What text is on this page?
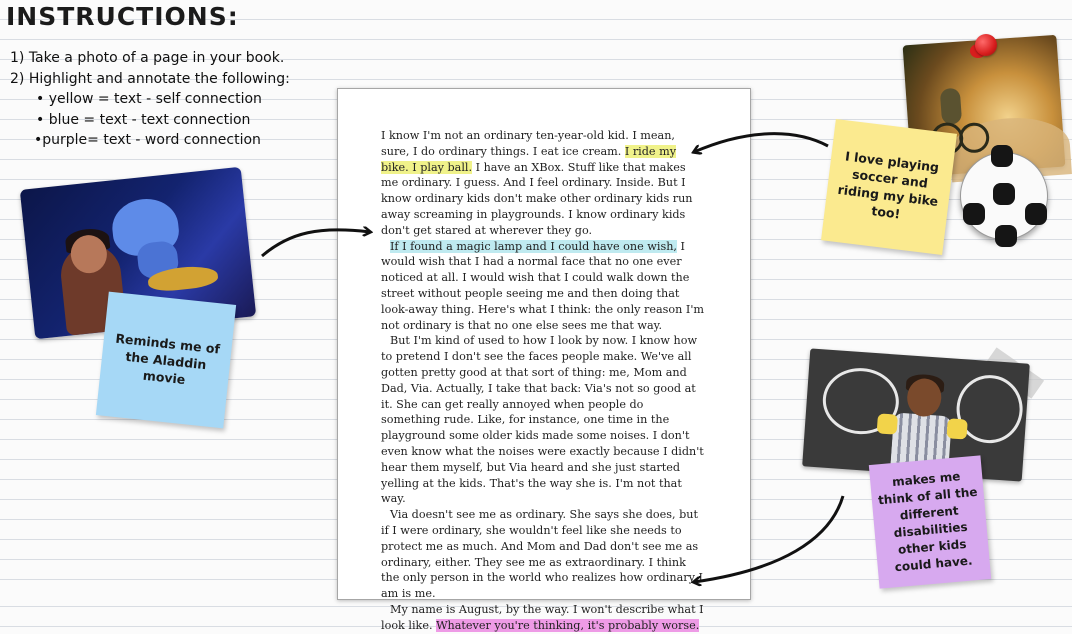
INSTRUCTIONS:
1) Take a photo of a page in your book.
2) Highlight and annotate the following:
• yellow = text - self connection
• blue = text - text connection
•purple= text - word connection	I know I'm not an ordinary ten-year-old kid. I mean, sure, I do ordinary things. I eat ice cream. I ride my bike. I play ball. I have an XBox. Stuff like that makes me ordinary. I guess. And I feel ordinary. Inside. But I know ordinary kids don't make other ordinary kids run away screaming in playgrounds. I know ordinary kids don't get stared at wherever they go.

If I found a magic lamp and I could have one wish, I would wish that I had a normal face that no one ever noticed at all. I would wish that I could walk down the street without people seeing me and then doing that look-away thing. Here's what I think: the only reason I'm not ordinary is that no one else sees me that way.

But I'm kind of used to how I look by now. I know how to pretend I don't see the faces people make. We've all gotten pretty good at that sort of thing: me, Mom and Dad, Via. Actually, I take that back: Via's not so good at it. She can get really annoyed when people do something rude. Like, for instance, one time in the playground some older kids made some noises. I don't even know what the noises were exactly because I didn't hear them myself, but Via heard and she just started yelling at the kids. That's the way she is. I'm not that way.

Via doesn't see me as ordinary. She says she does, but if I were ordinary, she wouldn't feel like she needs to protect me as much. And Mom and Dad don't see me as ordinary, either. They see me as extraordinary. I think the only person in the world who realizes how ordinary I am is me.

My name is August, by the way. I won't describe what I look like. Whatever you're thinking, it's probably worse.

Reminds me of the Aladdin movie
I love playing soccer and riding my bike too!
makes me think of all the different disabilities other kids could have.
